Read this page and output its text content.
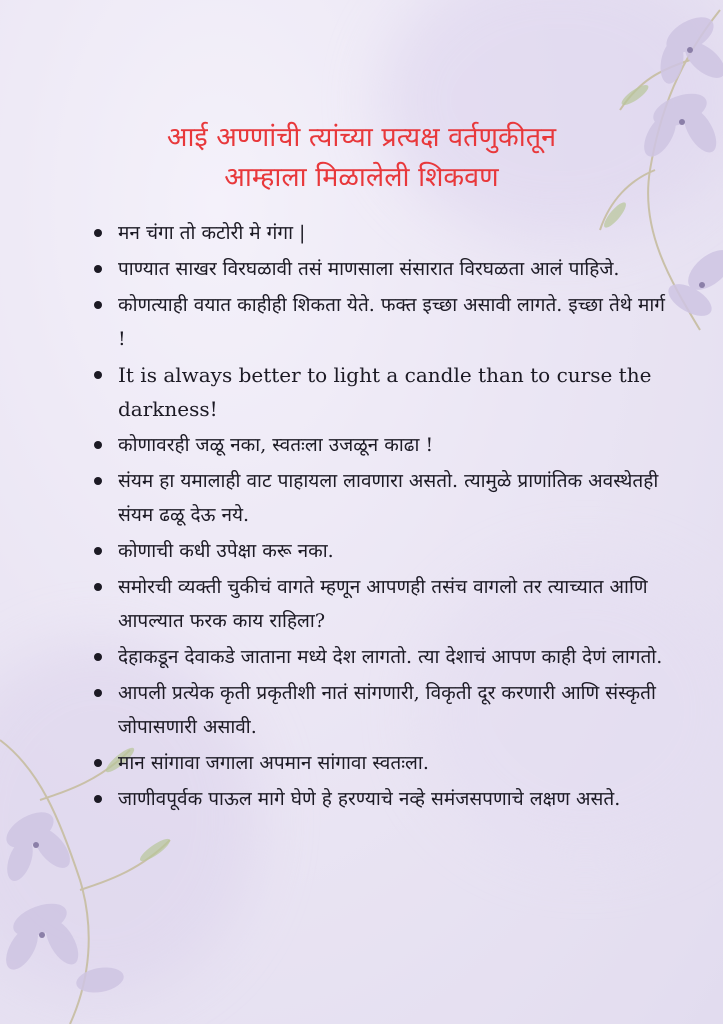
आई अण्णांची त्यांच्या प्रत्यक्ष वर्तणुकीतून
आम्हाला मिळालेली शिकवण
मन चंगा तो कटोरी मे गंगा |
पाण्यात साखर विरघळावी तसं माणसाला संसारात विरघळता आलं पाहिजे.
कोणत्याही वयात काहीही शिकता येते. फक्त इच्छा असावी लागते. इच्छा तेथे मार्ग !
It is always better to light a candle than to curse the darkness!
कोणावरही जळू नका, स्वतःला उजळून काढा !
संयम हा यमालाही वाट पाहायला लावणारा असतो. त्यामुळे प्राणांतिक अवस्थेतही संयम ढळू देऊ नये.
कोणाची कधी उपेक्षा करू नका.
समोरची व्यक्ती चुकीचं वागते म्हणून आपणही तसंच वागलो तर त्याच्यात आणि आपल्यात फरक काय राहिला?
देहाकडून देवाकडे जाताना मध्ये देश लागतो. त्या देशाचं आपण काही देणं लागतो.
आपली प्रत्येक कृती प्रकृतीशी नातं सांगणारी, विकृती दूर करणारी आणि संस्कृती जोपासणारी असावी.
मान सांगावा जगाला अपमान सांगावा स्वतःला.
जाणीवपूर्वक पाऊल मागे घेणे हे हरण्याचे नव्हे समंजसपणाचे लक्षण असते.
